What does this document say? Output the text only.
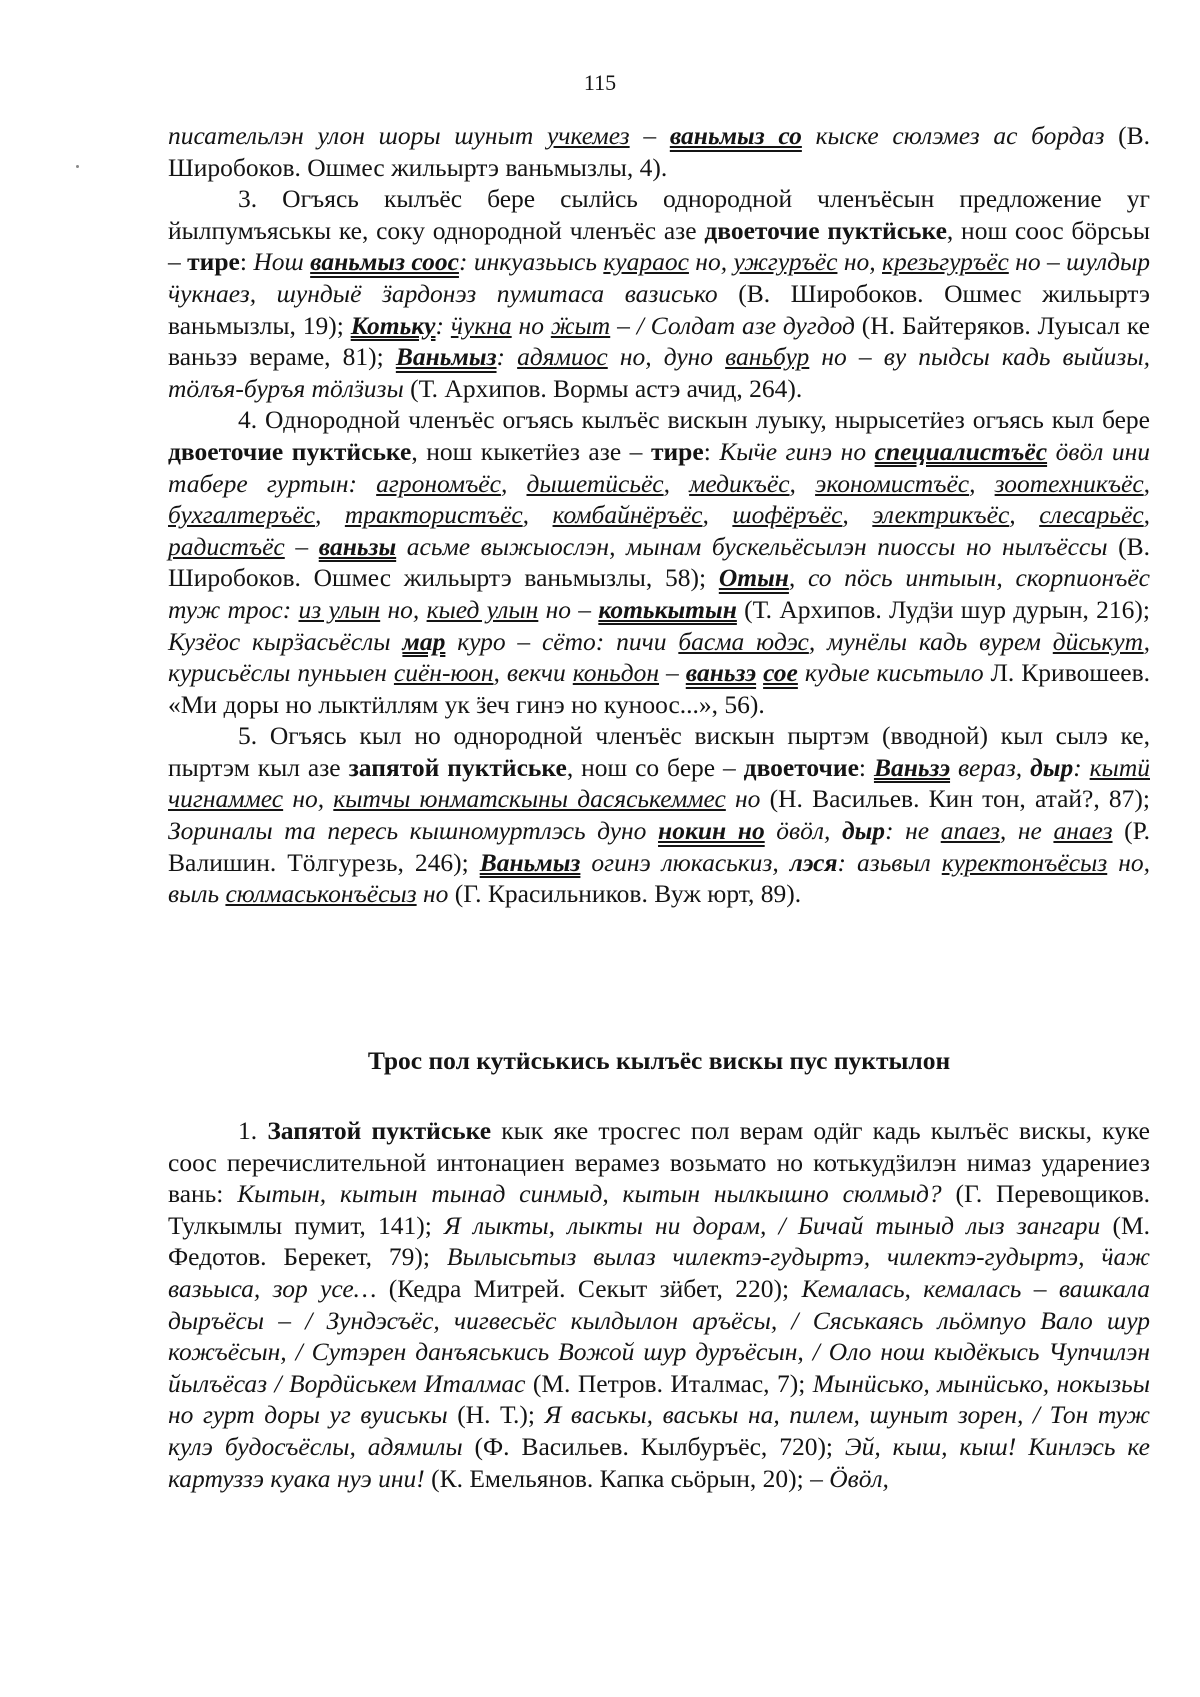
115

писательлэн улон шоры шуныт учкемез – ваньмыз со кыске сюлэмез ас бордаз (В. Широбоков. Ошмес жильыртэ ваньмызлы, 4).

3. Огъясь кылъёс бере сылӥсь однородной членъёсын предложение уг йылпумъяськы ке, соку однородной членъёс азе двоеточие пуктӥське, нош соос бӧрсьы – тире: Нош ваньмыз соос: инкуазьысь куараос но, ужгуръёс но, крезьгуръёс но – шулдыр ӵукнаез, шундыё ӟардонэз пумитаса вазисько (В. Широбоков. Ошмес жильыртэ ваньмызлы, 19); Котьку: ӵукна но ӝыт – / Солдат азе дугдод (Н. Байтеряков. Луысал ке ваньзэ вераме, 81); Ваньмыз: адямиос но, дуно ваньбур но – ву пыдсы кадь выйизы, тӧлъя-буръя тӧлӟизы (Т. Архипов. Вормы астэ ачид, 264).

4. Однородной членъёс огъясь кылъёс вискын луыку, нырысетӥез огъясь кыл бере двоеточие пуктӥське, нош кыкетӥез азе – тире: Кыӵе гинэ но специалистъёс ӧвӧл ини табере гуртын: агрономъёс, дышетӥсьёс, медикъёс, экономистъёс, зоотехникъёс, бухгалтеръёс, трактористъёс, комбайнёръёс, шофёръёс, электрикъёс, слесарьёс, радистъёс – ваньзы асьме выжыослэн, мынам бускельёсылэн пиоссы но нылъёссы (В. Широбоков. Ошмес жильыртэ ваньмызлы, 58); Отын, со пӧсь интыын, скорпионъёс туж трос: из улын но, кыед улын но – котькытын (Т. Архипов. Лудӟи шур дурын, 216); Кузёос кырӟасьёслы мар куро – сёто: пичи басма юдэс, мунёлы кадь вурем дӥськут, курисьёслы пуньыен сиён-юон, векчи коньдон – ваньзэ сое кудые кисьтыло Л. Кривошеев. «Ми доры но лыктӥллям ук ӟеч гинэ но куноос...», 56).

5. Огъясь кыл но однородной членъёс вискын пыртэм (вводной) кыл сылэ ке, пыртэм кыл азе запятой пуктӥське, нош со бере – двоеточие: Ваньзэ вераз, дыр: кытӥ чигнаммес но, кытчы юнматскыны дасяськеммес но (Н. Васильев. Кин тон, атай?, 87); Зориналы та пересь кышномуртлэсь дуно нокин но ӧвӧл, дыр: не апаез, не анаез (Р. Валишин. Тӧлгурезь, 246); Ваньмыз огинэ люкаськиз, лэся: азьвыл куректонъёсыз но, выль сюлмаськонъёсыз но (Г. Красильников. Вуж юрт, 89).

Трос пол кутӥськись кылъёс вискы пус пуктылон

1. Запятой пуктӥське кык яке тросгес пол верам одӥг кадь кылъёс вискы, куке соос перечислительной интонациен верамез возьмато но котькудӟилэн нимаз ударениез вань: Кытын, кытын тынад синмыд, кытын нылкышно сюлмыд? (Г. Перевощиков. Тулкымлы пумит, 141); Я лыкты, лыкты ни дорам, / Бичай тыныд лыз зангари (М. Федотов. Берекет, 79); Вылысьтыз вылаз чилектэ-гудыртэ, чилектэ-гудыртэ, ӵаж вазьыса, зор усе… (Кедра Митрей. Секыт зӥбет, 220); Кемалась, кемалась – вашкала дыръёсы – / Зундэсъёс, чигвесьёс кылдылон аръёсы, / Сяськаясь льӧмпуо Вало шур кожъёсын, / Сутэрен данъяськись Вожой шур дуръёсын, / Оло нош кыдёкысь Чупчилэн йылъёсаз / Вордӥськем Италмас (М. Петров. Италмас, 7); Мынӥсько, мынӥсько, нокызьы но гурт доры уг вуиськы (Н. Т.); Я васькы, васькы на, пилем, шуныт зорен, / Тон туж кулэ будосъёслы, адямилы (Ф. Васильев. Кылбуръёс, 720); Эй, кыш, кыш! Кинлэсь ке картуззэ куака нуэ ини! (К. Емельянов. Капка сьӧрын, 20); – Ӧвӧл,
